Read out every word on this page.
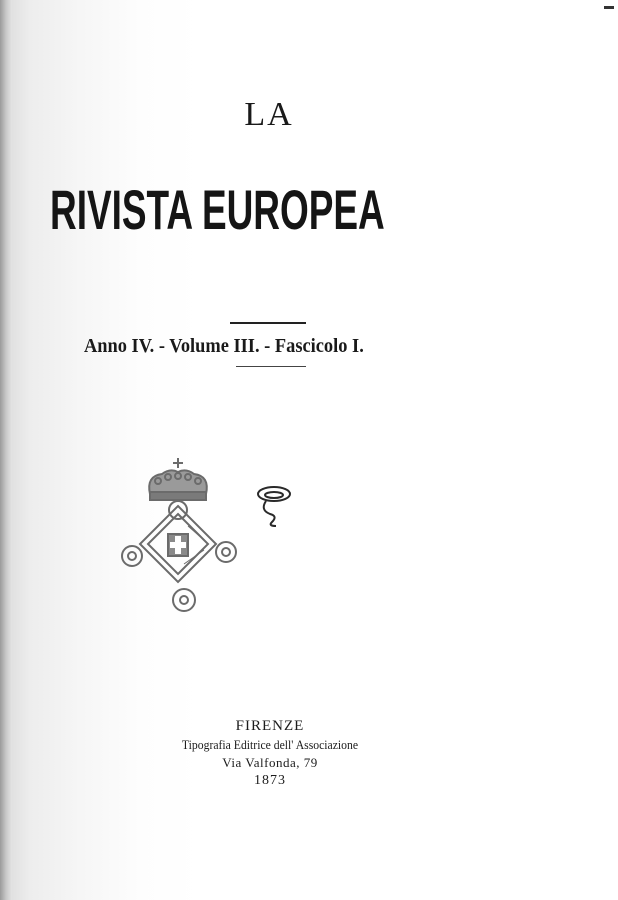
LA
RIVISTA EUROPEA
Anno IV. - Volume III. - Fascicolo I.
FIRENZE
Tipografia Editrice dell' Associazione
Via Valfonda, 79
1873
